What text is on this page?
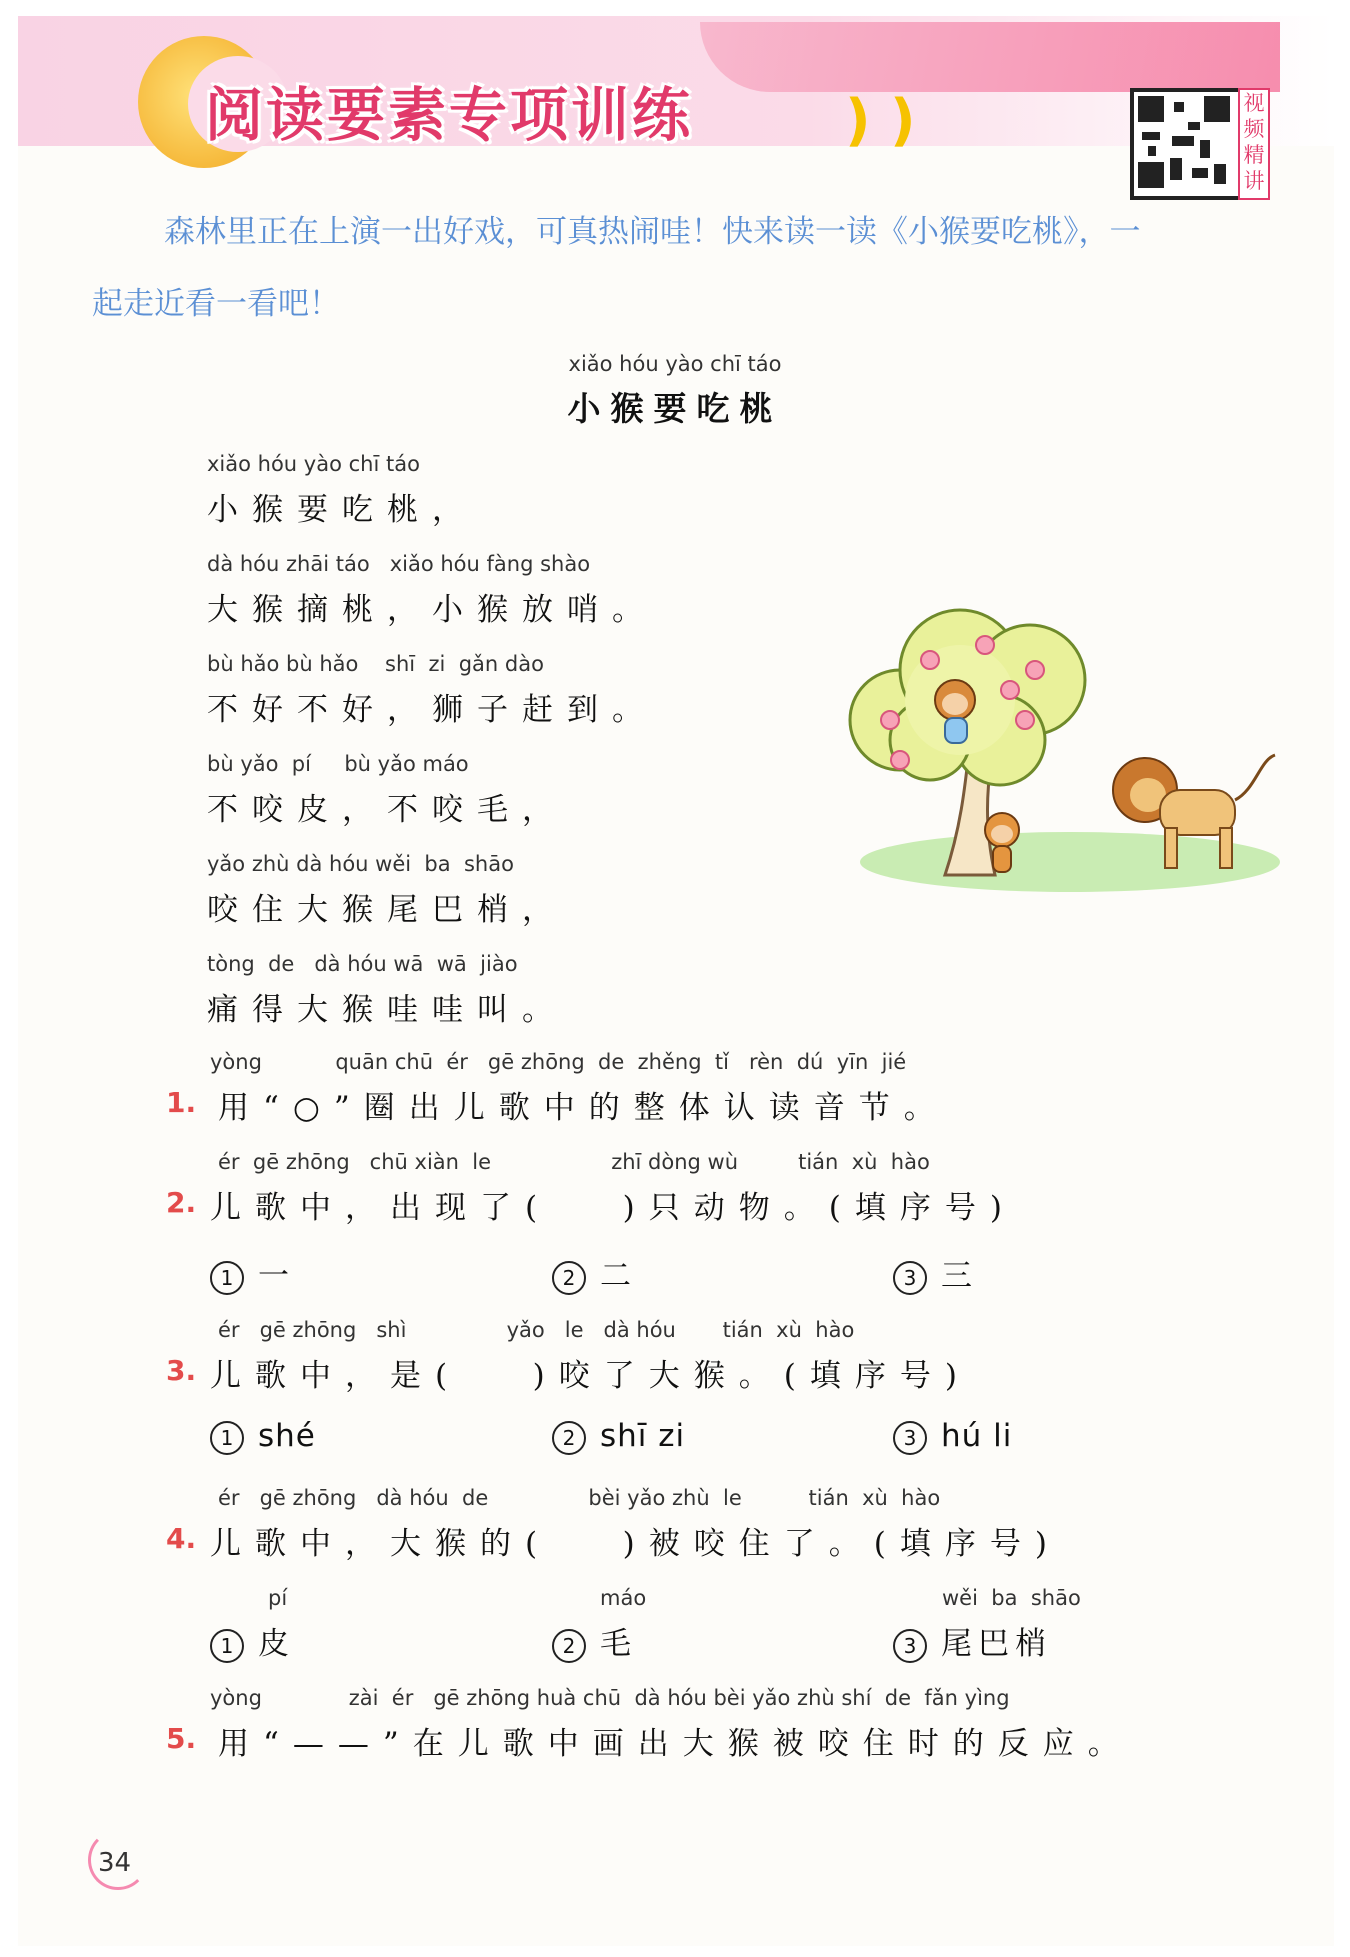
阅读要素专项训练	) )	视频精讲
森林里正在上演一出好戏，可真热闹哇！快来读一读《小猴要吃桃》，一
起走近看一看吧！
xiǎo hóu yào chī táo
小猴要吃桃
xiǎo hóu yào chī táo
小猴要吃桃，
dà hóu zhāi táo   xiǎo hóu fàng shào
大猴摘桃，小猴放哨。
bù hǎo bù hǎo    shī  zi  gǎn dào
不好不好，狮子赶到。
bù yǎo  pí     bù yǎo máo
不咬皮，不咬毛，
yǎo zhù dà hóu wěi  ba  shāo
咬住大猴尾巴梢，
tòng  de   dà hóu wā  wā  jiào
痛得大猴哇哇叫。
yòng           quān chū  ér   gē zhōng  de  zhěng  tǐ   rèn  dú  yīn  jié
1. 用“○”圈出儿歌中的整体认读音节。
ér  gē zhōng   chū xiàn  le                  zhī dòng wù         tián  xù  hào
2. 儿歌中，出现了(   )只动物。(填序号)
1 一	2 二	3 三
ér   gē zhōng   shì               yǎo   le   dà hóu       tián  xù  hào
3. 儿歌中，是(   )咬了大猴。(填序号)
1 shé	2 shī zi	3 hú li
ér   gē zhōng   dà hóu  de               bèi yǎo zhù  le          tián  xù  hào
4. 儿歌中，大猴的(   )被咬住了。(填序号)
pí	máo	wěi  ba  shāo
1 皮	2 毛	3 尾巴梢
yòng             zài  ér   gē zhōng huà chū  dà hóu bèi yǎo zhù shí  de  fǎn yìng
5. 用“——”在儿歌中画出大猴被咬住时的反应。
34
